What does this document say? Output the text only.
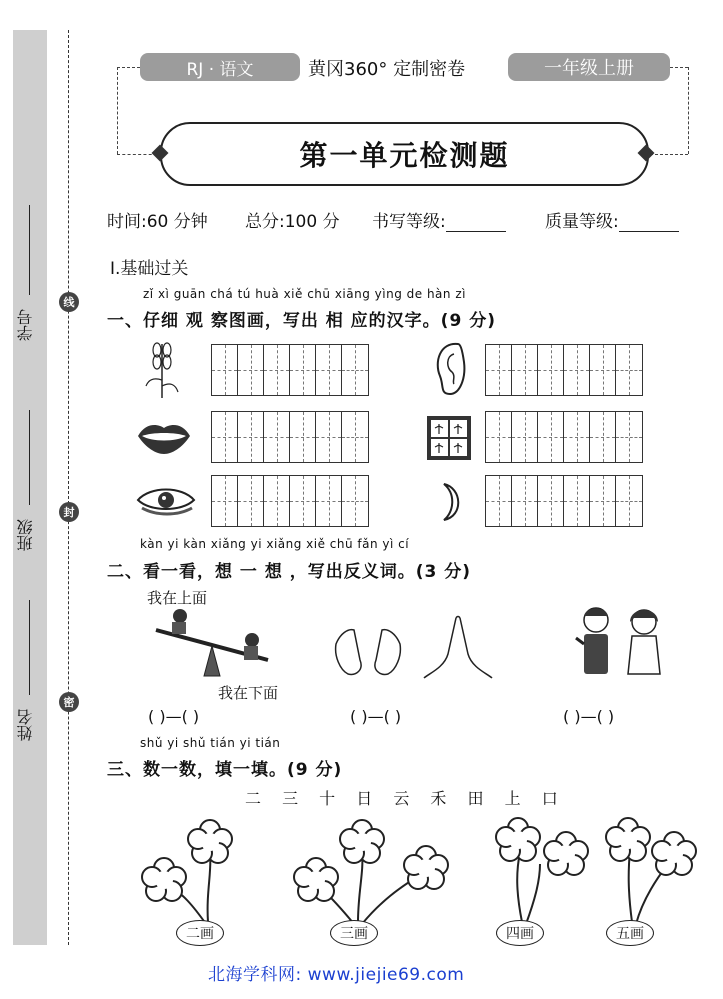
学号
班级
姓名
线
封
密
RJ · 语文	黄冈360° 定制密卷	一年级上册
第一单元检测题
时间:60 分钟 总分:100 分 书写等级:	质量等级:
Ⅰ.基础过关
zǐ xì guān chá tú huà xiě chū xiāng yìng de hàn zì
一、仔细 观 察图画，写出 相 应的汉字。(9 分)
kàn yi kàn xiǎng yi xiǎng xiě chū fǎn yì cí
二、看一看，想 一 想 ，写出反义词。(3 分)
我在上面
我在下面
( )—( )	( )—( )	( )—( )
shǔ yi shǔ tián yi tián
三、数一数，填一填。(9 分)
二 三 十 日 云 禾 田 上 口
二画	三画	四画	五画
北海学科网: www.jiejie69.com
